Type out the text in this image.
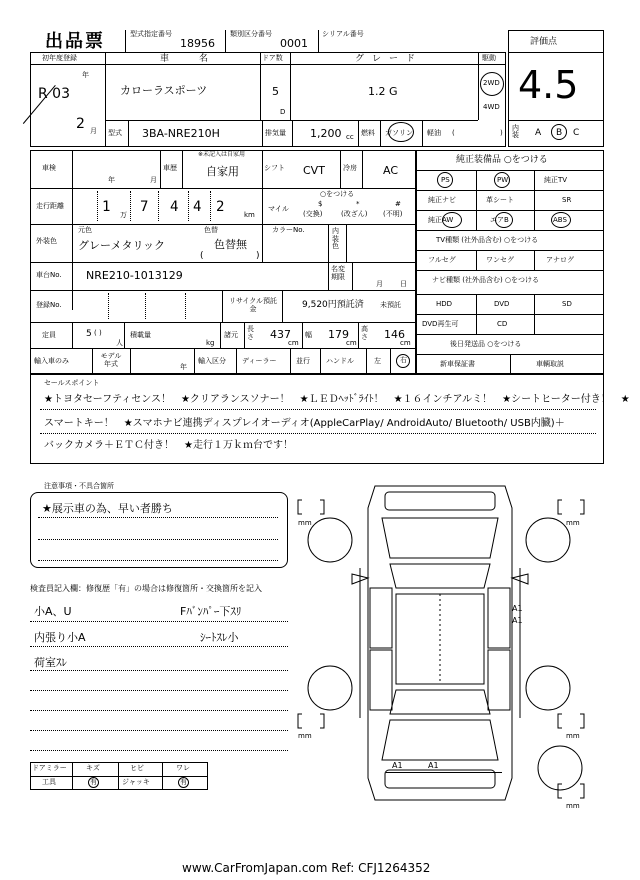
出品票	型式指定番号
18956
類別区分番号
0001
シリアル番号
評価点
4.5
内装	A B C
初年度登録
R 03
年
2 月
車名
カローラスポーツ
ドア数
5
D
グレード
1.2 G
駆動
2WD
4WD
型式 3BA-NRE210H	排気量 1,200 cc 燃料 ガソリン 軽油 (	)
車検
年	月
車歴
※未記入は自家用
自家用	シフト CVT	冷房 AC
走行距離	1 万 7 4 4 2	km
○をつける
マイル
$
(交換)
*
(改ざん)
#
(不明)
外装色
元色
グレーメタリック
色替
色替無
(	)
カラーNo.	内装色
車台No. NRE210-1013129	名変期限
月 日
登録No.	リサイクル預託金	9,520円預託済 未預託
定員	5 ( )
人
積載量
kg
諸元
長さ 437
cm
幅 179
cm
高さ 146
cm
輸入車のみ
モデル年式	年
輸入区分 ディーラー	並行 ハンドル	左	右
純正装備品 ○をつける
PS	PW	純正TV
純正ナビ	革シート	SR
純正AW	エアB	ABS
TV種類 (社外品含む) ○をつける
フルセグ	ワンセグ	アナログ
ナビ種類 (社外品含む) ○をつける
HDD	DVD	SD
DVD再生可	CD
後日発送品 ○をつける
新車保証書	車輌取説
セールスポイント
★トヨタセーフティセンス！　★クリアランスソナー！　★ＬＥＤﾍｯﾄﾞﾗｲﾄ！　★１６インチアルミ！　★シートヒーター付き！　★
スマートキー！　★スマホナビ連携ディスプレイオーディオ(AppleCarPlay/ AndroidAuto/ Bluetooth/ USB内臓)＋
バックカメラ＋ＥＴＣ付き！　★走行１万ｋｍ台です！
注意事項・不具合箇所
★展示車の為、早い者勝ち
検査員記入欄：修復歴「有」の場合は修復箇所・交換箇所を記入
小A、U	Fﾊﾞﾝﾊﾟｰ下ｽﾘ
内張り小A	ｼｰﾄｽﾚ小
荷室ｽﾚ
ドアミラー	キズ	ヒビ	ワレ
工具	有	ジャッキ	有
mm	mm
mm	mm
mm
A1
A1
A1	A1
www.CarFromJapan.com Ref: CFJ1264352
